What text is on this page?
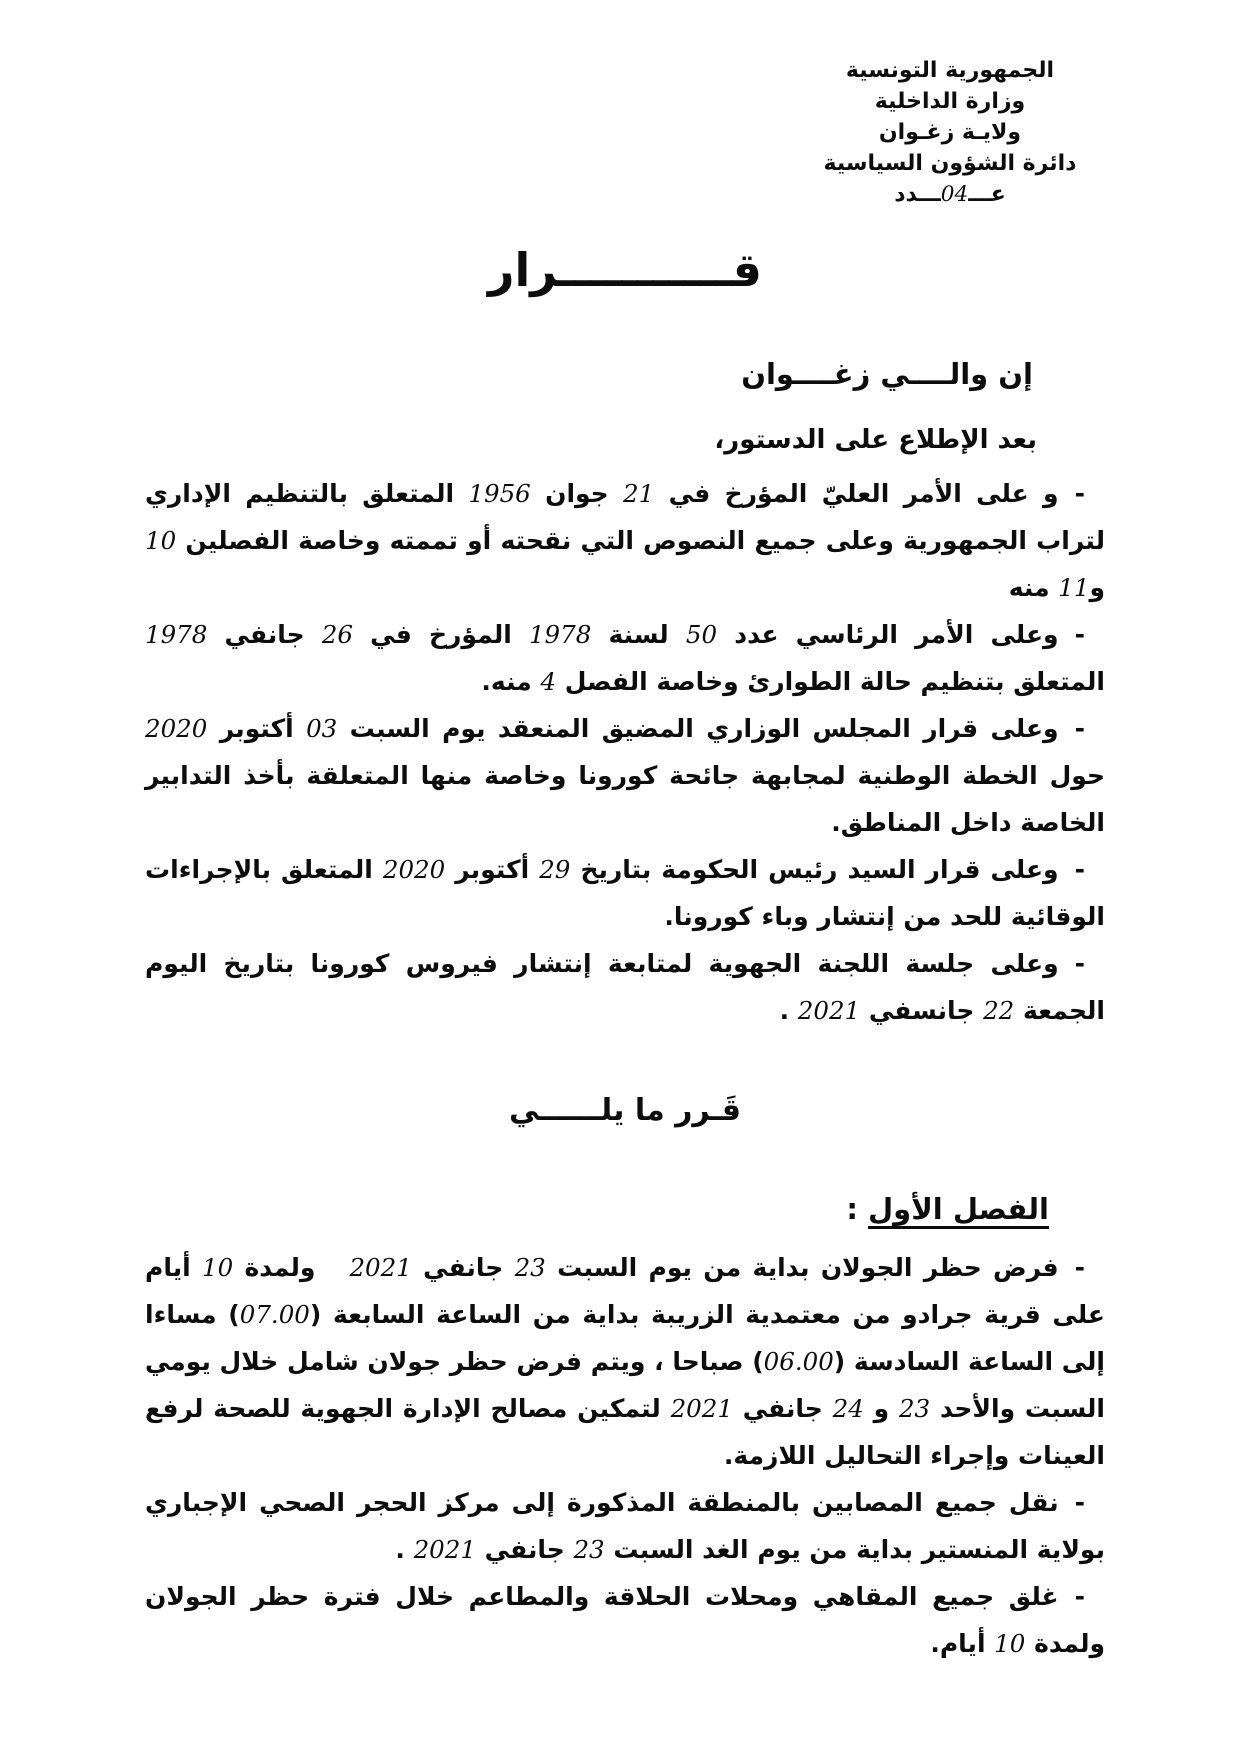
الجمهورية التونسية
وزارة الداخلية
ولايـة زغـوان
دائرة الشؤون السياسية
عـــ04ـــدد
قـــــــــــرار
إن والــــي زغــــوان
بعد الإطلاع على الدستور،
-و على الأمر العليّ المؤرخ في 21 جوان 1956 المتعلق بالتنظيم الإداري لتراب الجمهورية وعلى جميع النصوص التي نقحته أو تممته وخاصة الفصلين 10 و11 منه
-وعلى الأمر الرئاسي عدد 50 لسنة 1978 المؤرخ في 26 جانفي 1978 المتعلق بتنظيم حالة الطوارئ وخاصة الفصل 4 منه.
-وعلى قرار المجلس الوزاري المضيق المنعقد يوم السبت 03 أكتوبر 2020 حول الخطة الوطنية لمجابهة جائحة كورونا وخاصة منها المتعلقة بأخذ التدابير الخاصة داخل المناطق.
-وعلى قرار السيد رئيس الحكومة بتاريخ 29 أكتوبر 2020 المتعلق بالإجراءات الوقائية للحد من إنتشار وباء كورونا.
-وعلى جلسة اللجنة الجهوية لمتابعة إنتشار فيروس كورونا بتاريخ اليوم الجمعة 22 جانسفي 2021 .
قَـرر ما يلــــــي
الفصل الأول :
-فرض حظر الجولان بداية من يوم السبت 23 جانفي 2021   ولمدة 10 أيام على قرية جرادو من معتمدية الزريبة بداية من الساعة السابعة (07.00) مساءا إلى الساعة السادسة (06.00) صباحا ، ويتم فرض حظر جولان شامل خلال يومي السبت والأحد 23 و 24 جانفي 2021 لتمكين مصالح الإدارة الجهوية للصحة لرفع العينات وإجراء التحاليل اللازمة.
-نقل جميع المصابين بالمنطقة المذكورة إلى مركز الحجر الصحي الإجباري بولاية المنستير بداية من يوم الغد السبت 23 جانفي 2021 .
-غلق جميع المقاهي ومحلات الحلاقة والمطاعم خلال فترة حظر الجولان ولمدة 10 أيام.
